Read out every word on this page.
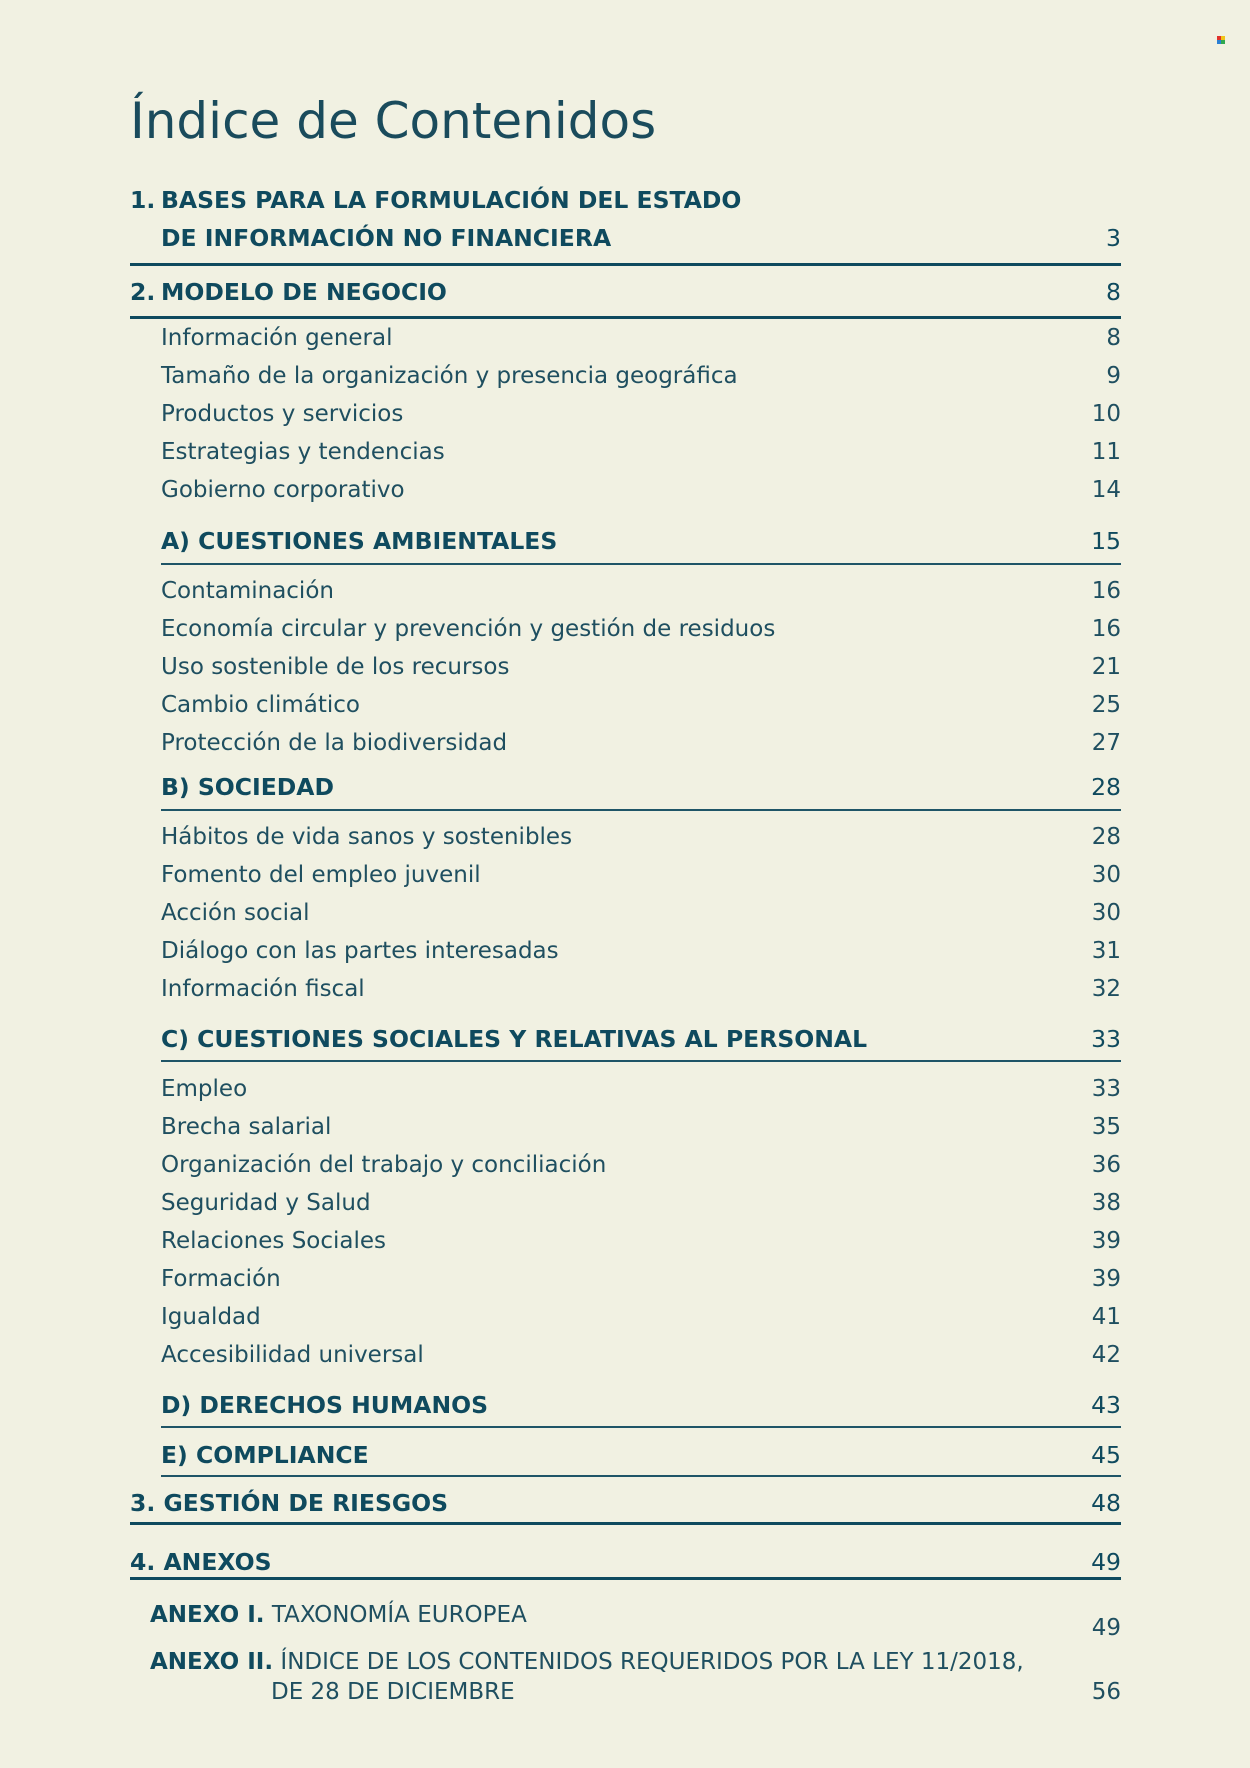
Índice de Contenidos
1. BASES PARA LA FORMULACIÓN DEL ESTADO
DE INFORMACIÓN NO FINANCIERA	3
2. MODELO DE NEGOCIO	8
Información general	8
Tamaño de la organización y presencia geográfica	9
Productos y servicios	10
Estrategias y tendencias	11
Gobierno corporativo	14
A) CUESTIONES AMBIENTALES	15
Contaminación	16
Economía circular y prevención y gestión de residuos	16
Uso sostenible de los recursos	21
Cambio climático	25
Protección de la biodiversidad	27
B) SOCIEDAD	28
Hábitos de vida sanos y sostenibles	28
Fomento del empleo juvenil	30
Acción social	30
Diálogo con las partes interesadas	31
Información fiscal	32
C) CUESTIONES SOCIALES Y RELATIVAS AL PERSONAL	33
Empleo	33
Brecha salarial	35
Organización del trabajo y conciliación	36
Seguridad y Salud	38
Relaciones Sociales	39
Formación	39
Igualdad	41
Accesibilidad universal	42
D) DERECHOS HUMANOS	43
E) COMPLIANCE	45
3. GESTIÓN DE RIESGOS	48
4. ANEXOS	49
ANEXO I. TAXONOMÍA EUROPEA	49
ANEXO II. ÍNDICE DE LOS CONTENIDOS REQUERIDOS POR LA LEY 11/2018,
DE 28 DE DICIEMBRE	56
